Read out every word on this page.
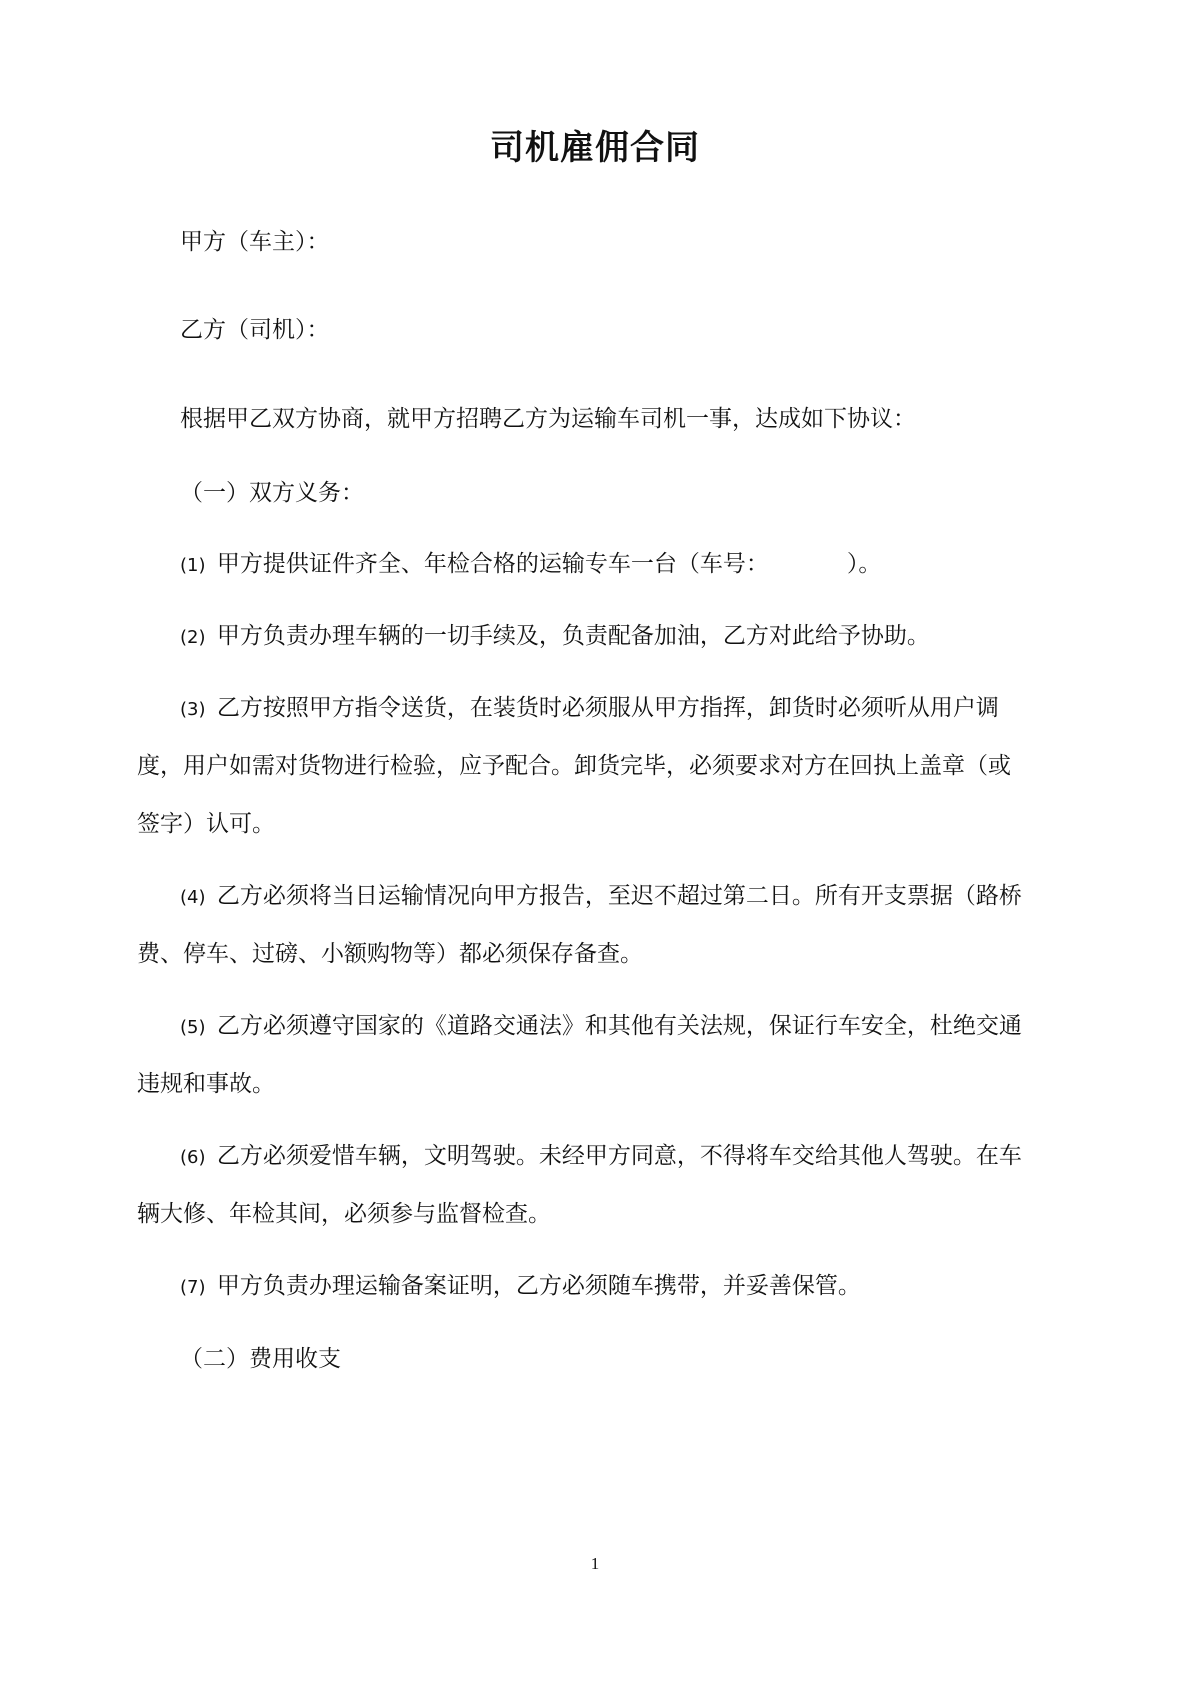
司机雇佣合同

甲方（车主）：

乙方（司机）：

根据甲乙双方协商，就甲方招聘乙方为运输车司机一事，达成如下协议：

（一）双方义务：

(1) 甲方提供证件齐全、年检合格的运输专车一台（车号：	）。

(2) 甲方负责办理车辆的一切手续及，负责配备加油，乙方对此给予协助。

(3) 乙方按照甲方指令送货，在装货时必须服从甲方指挥，卸货时必须听从用户调

度，用户如需对货物进行检验，应予配合。卸货完毕，必须要求对方在回执上盖章（或

签字）认可。

(4) 乙方必须将当日运输情况向甲方报告，至迟不超过第二日。所有开支票据（路桥

费、停车、过磅、小额购物等）都必须保存备查。

(5) 乙方必须遵守国家的《道路交通法》和其他有关法规，保证行车安全，杜绝交通

违规和事故。

(6) 乙方必须爱惜车辆，文明驾驶。未经甲方同意，不得将车交给其他人驾驶。在车

辆大修、年检其间，必须参与监督检查。

(7) 甲方负责办理运输备案证明，乙方必须随车携带，并妥善保管。

（二）费用收支

1
